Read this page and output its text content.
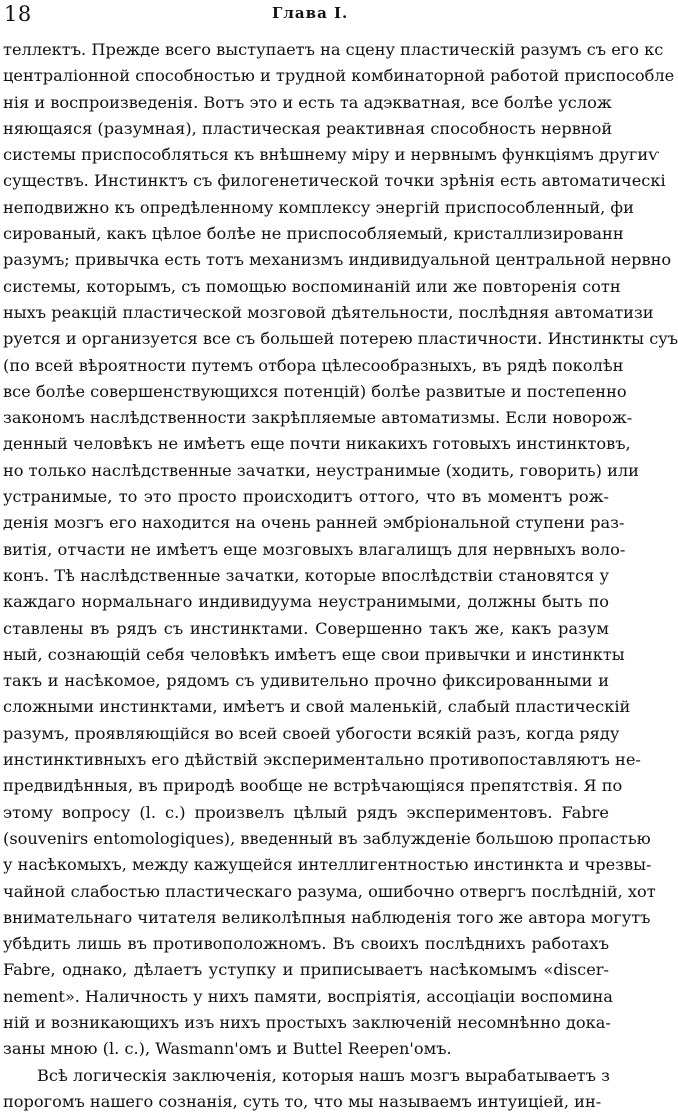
18	Глава I.
теллектъ. Прежде всего выступаетъ на сцену пластическій разумъ съ его кс
централіонной способностью и трудной комбинаторной работой приспособле
нія и воспроизведенія. Вотъ это и есть та адэкватная, все болѣе услож
няющаяся (разумная), пластическая реактивная способность нервной
системы приспособляться къ внѣшнему міру и нервнымъ функціямъ другиѵ
существъ. Инстинктъ съ филогенетической точки зрѣнія есть автоматическі
неподвижно къ опредѣленному комплексу энергій приспособленный, фи
сированый, какъ цѣлое болѣе не приспособляемый, кристаллизированн
разумъ; привычка есть тотъ механизмъ индивидуальной центральной нервно
системы, которымъ, съ помощью воспоминаній или же повторенія сотн
ныхъ реакцій пластической мозговой дѣятельности, послѣдняя автоматизи
руется и организуется все съ большей потерею пластичности. Инстинкты суъ
(по всей вѣроятности путемъ отбора цѣлесообразныхъ, въ рядѣ поколѣн
все болѣе совершенствующихся потенцій) болѣе развитые и постепенно
закономъ наслѣдственности закрѣпляемые автоматизмы. Если новорож-
денный человѣкъ не имѣетъ еще почти никакихъ готовыхъ инстинктовъ,
но только наслѣдственные зачатки, неустранимые (ходить, говорить) или
устранимые, то это просто происходитъ оттого, что въ моментъ рож-
денія мозгъ его находится на очень ранней эмбріональной ступени раз-
витія, отчасти не имѣетъ еще мозговыхъ влагалищъ для нервныхъ воло-
конъ. Тѣ наслѣдственные зачатки, которые впослѣдствіи становятся у
каждаго нормальнаго индивидуума неустранимыми, должны быть по
ставлены въ рядъ съ инстинктами. Совершенно такъ же, какъ разум
ный, сознающій себя человѣкъ имѣетъ еще свои привычки и инстинкты
такъ и насѣкомое, рядомъ съ удивительно прочно фиксированными и
сложными инстинктами, имѣетъ и свой маленькій, слабый пластическій
разумъ, проявляющійся во всей своей убогости всякій разъ, когда ряду
инстинктивныхъ его дѣйствій экспериментально противопоставляютъ не-
предвидѣнныя, въ природѣ вообще не встрѣчающіяся препятствія. Я по
этому вопросу (l. c.) произвелъ цѣлый рядъ экспериментовъ. Fabre
(souvenirs entomologiques), введенный въ заблужденіе большою пропастью
у насѣкомыхъ, между кажущейся интеллигентностью инстинкта и чрезвы-
чайной слабостью пластическаго разума, ошибочно отвергъ послѣдній, хот
внимательнаго читателя великолѣпныя наблюденія того же автора могутъ
убѣдить лишь въ противоположномъ. Въ своихъ послѣднихъ работахъ
Fabre, однако, дѣлаетъ уступку и приписываетъ насѣкомымъ «discer-
nement». Наличность у нихъ памяти, воспріятія, ассоціаціи воспомина
ній и возникающихъ изъ нихъ простыхъ заключеній несомнѣнно дока-
заны мною (l. c.), Wasmann'омъ и Buttel Reepen'омъ.
Всѣ логическія заключенія, которыя нашъ мозгъ вырабатываетъ з
порогомъ нашего сознанія, суть то, что мы называемъ интуиціей, ин-
